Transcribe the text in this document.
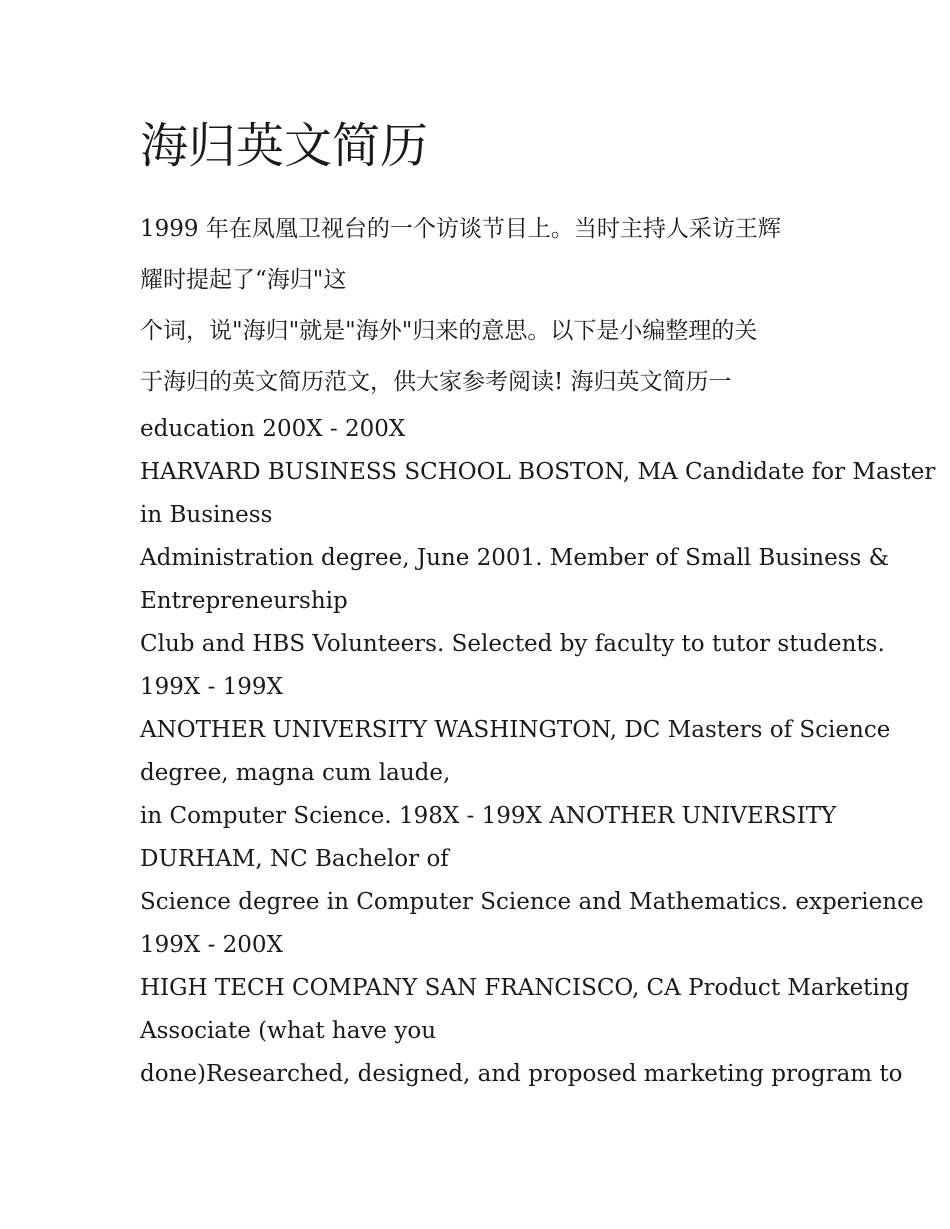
海归英文简历

1999 年在凤凰卫视台的一个访谈节目上。当时主持人采访王辉

耀时提起了“海归"这

个词，说"海归"就是"海外"归来的意思。以下是小编整理的关

于海归的英文简历范文，供大家参考阅读! 海归英文简历一

education 200X - 200X

HARVARD BUSINESS SCHOOL BOSTON, MA Candidate for Master

in Business

Administration degree, June 2001. Member of Small Business &

Entrepreneurship

Club and HBS Volunteers. Selected by faculty to tutor students.

199X - 199X

ANOTHER UNIVERSITY WASHINGTON, DC Masters of Science

degree, magna cum laude,

in Computer Science. 198X - 199X ANOTHER UNIVERSITY

DURHAM, NC Bachelor of

Science degree in Computer Science and Mathematics. experience

199X - 200X

HIGH TECH COMPANY SAN FRANCISCO, CA Product Marketing

Associate (what have you

done)Researched, designed, and proposed marketing program to
